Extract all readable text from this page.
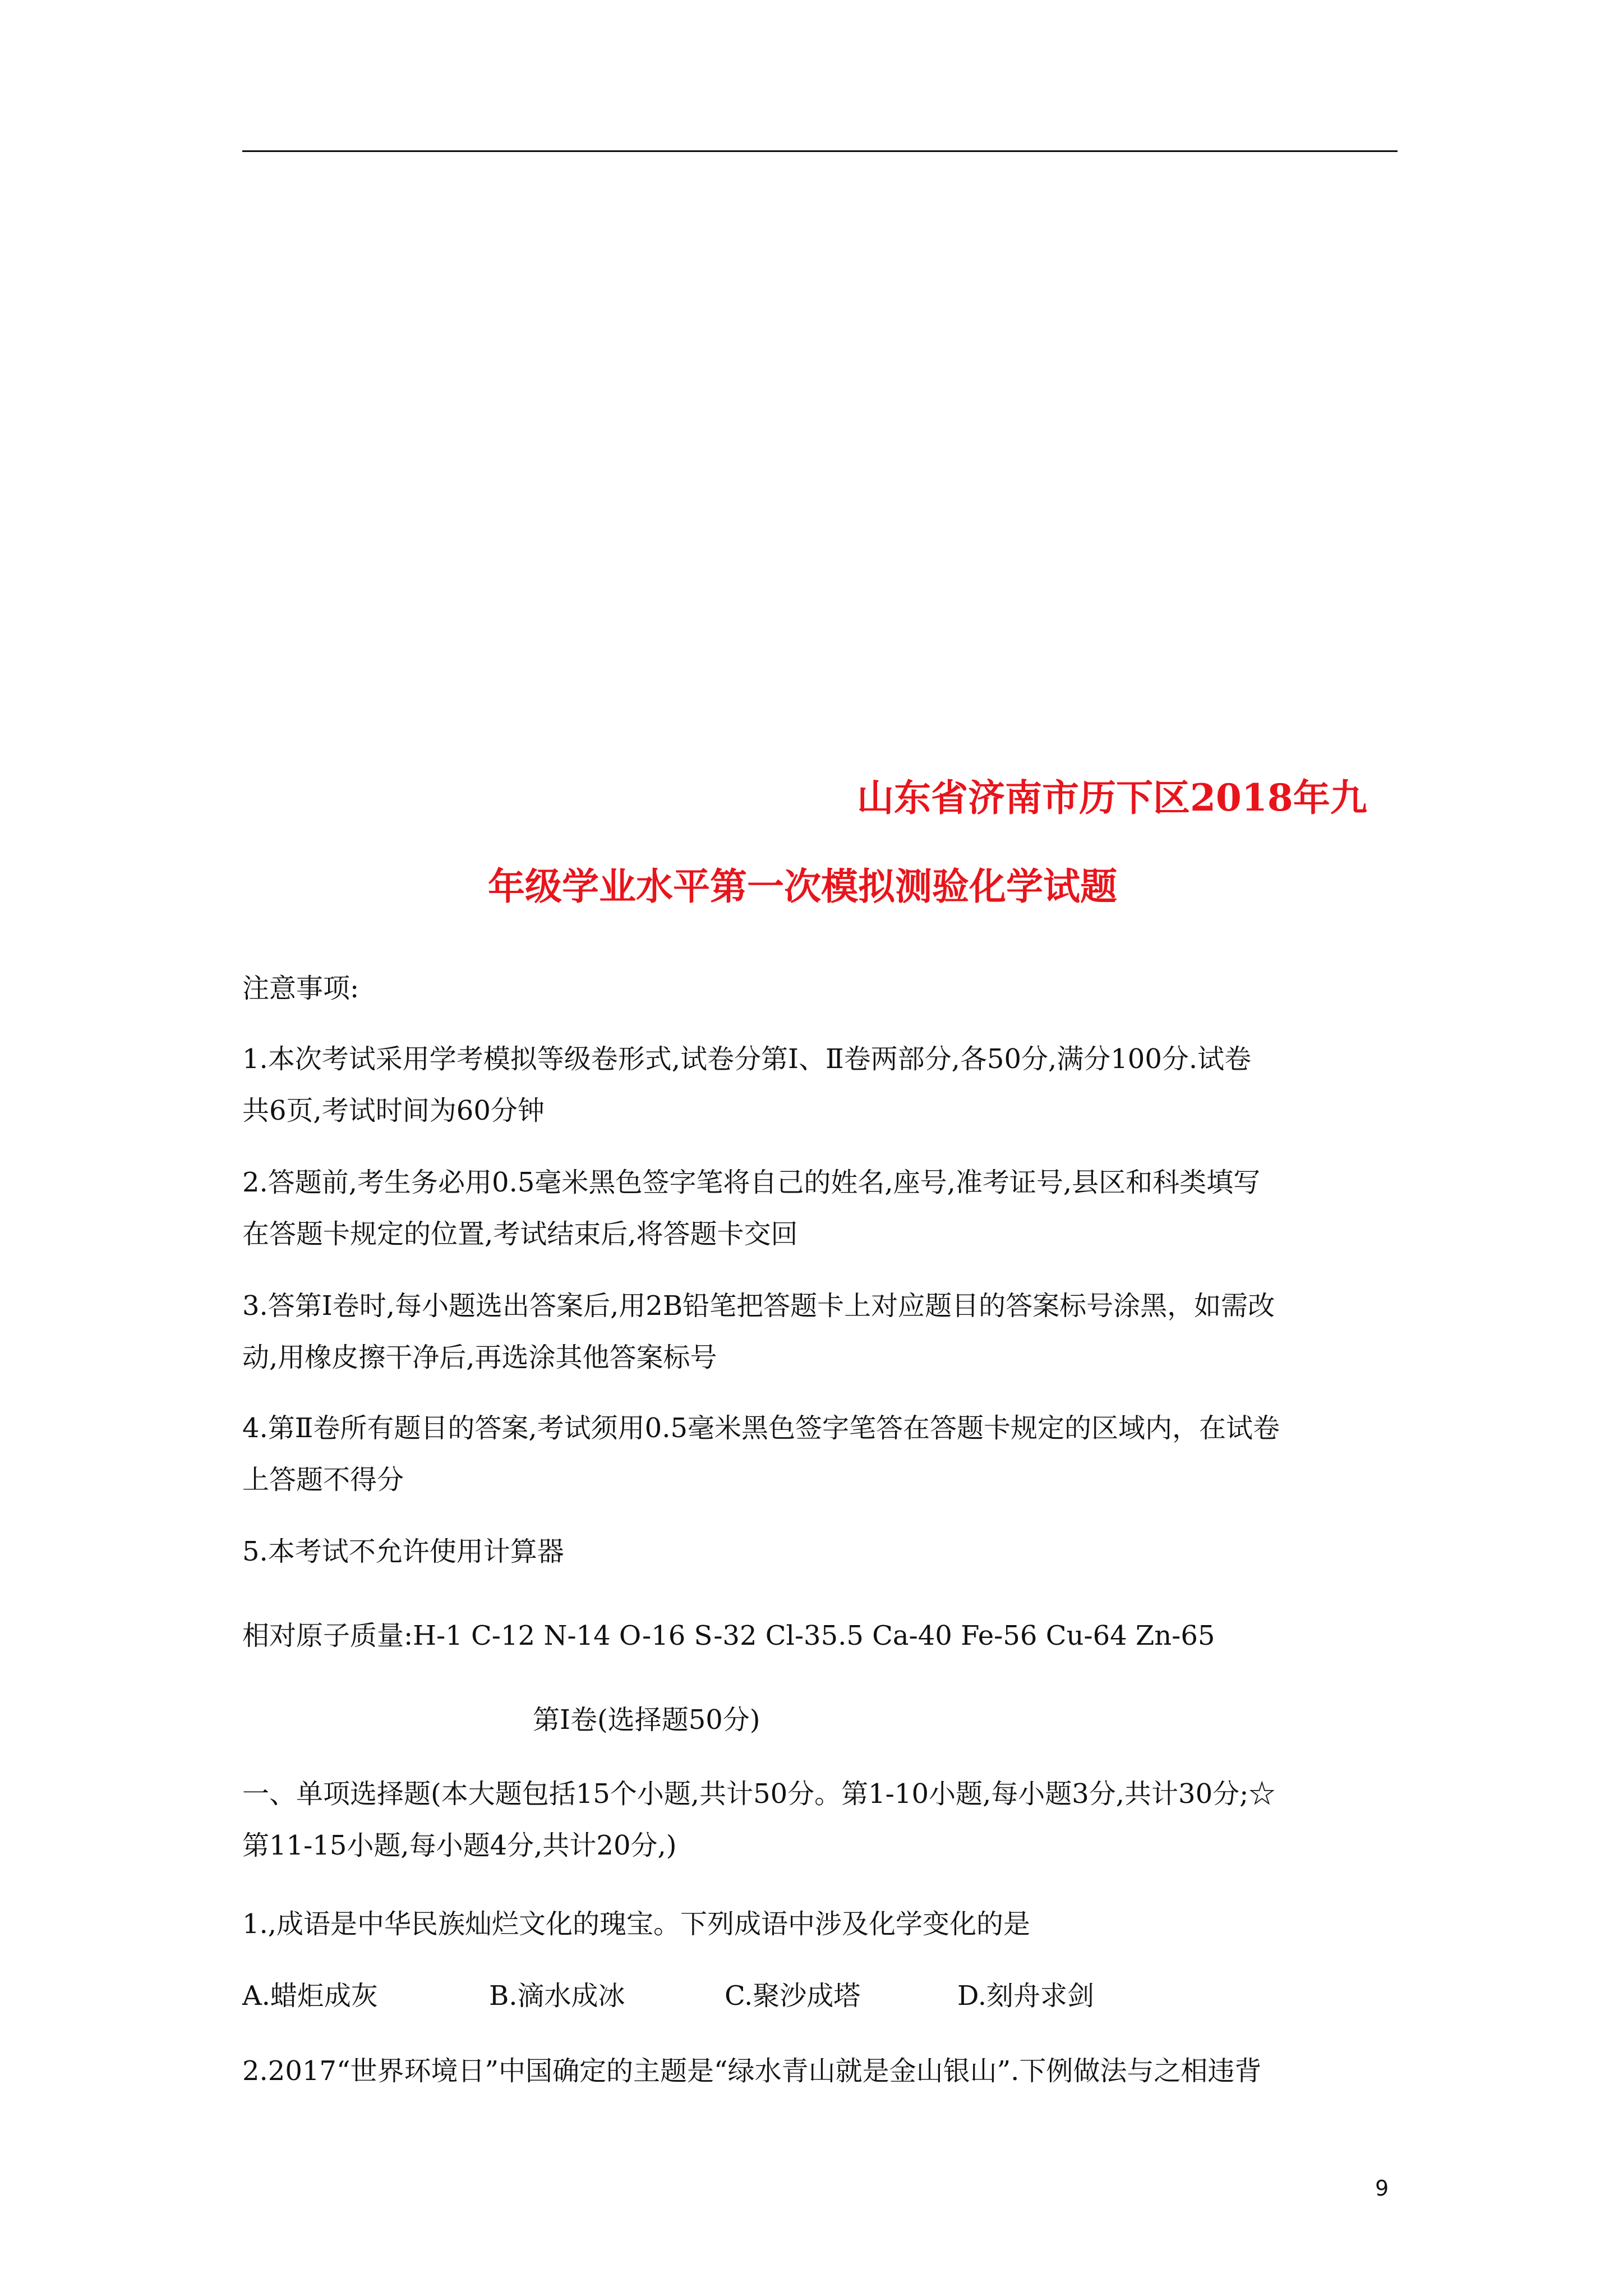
山东省济南市历下区2018年九
年级学业水平第一次模拟测验化学试题
注意事项:
1.本次考试采用学考模拟等级卷形式,试卷分第Ⅰ、Ⅱ卷两部分,各50分,满分100分.试卷
共6页,考试时间为60分钟
2.答题前,考生务必用0.5毫米黑色签字笔将自己的姓名,座号,准考证号,县区和科类填写
在答题卡规定的位置,考试结束后,将答题卡交回
3.答第Ⅰ卷时,每小题选出答案后,用2B铅笔把答题卡上对应题目的答案标号涂黑，如需改
动,用橡皮擦干净后,再选涂其他答案标号
4.第Ⅱ卷所有题目的答案,考试须用0.5毫米黑色签字笔答在答题卡规定的区域内，在试卷
上答题不得分
5.本考试不允许使用计算器
相对原子质量:H-1 C-12 N-14 O-16 S-32 Cl-35.5 Ca-40 Fe-56 Cu-64 Zn-65
第Ⅰ卷(选择题50分)
一、单项选择题(本大题包括15个小题,共计50分。第1-10小题,每小题3分,共计30分;☆
第11-15小题,每小题4分,共计20分,)
1.,成语是中华民族灿烂文化的瑰宝。下列成语中涉及化学变化的是
A.蜡炬成灰	B.滴水成冰	C.聚沙成塔	D.刻舟求剑
2.2017“世界环境日”中国确定的主题是“绿水青山就是金山银山”.下例做法与之相违背
9
